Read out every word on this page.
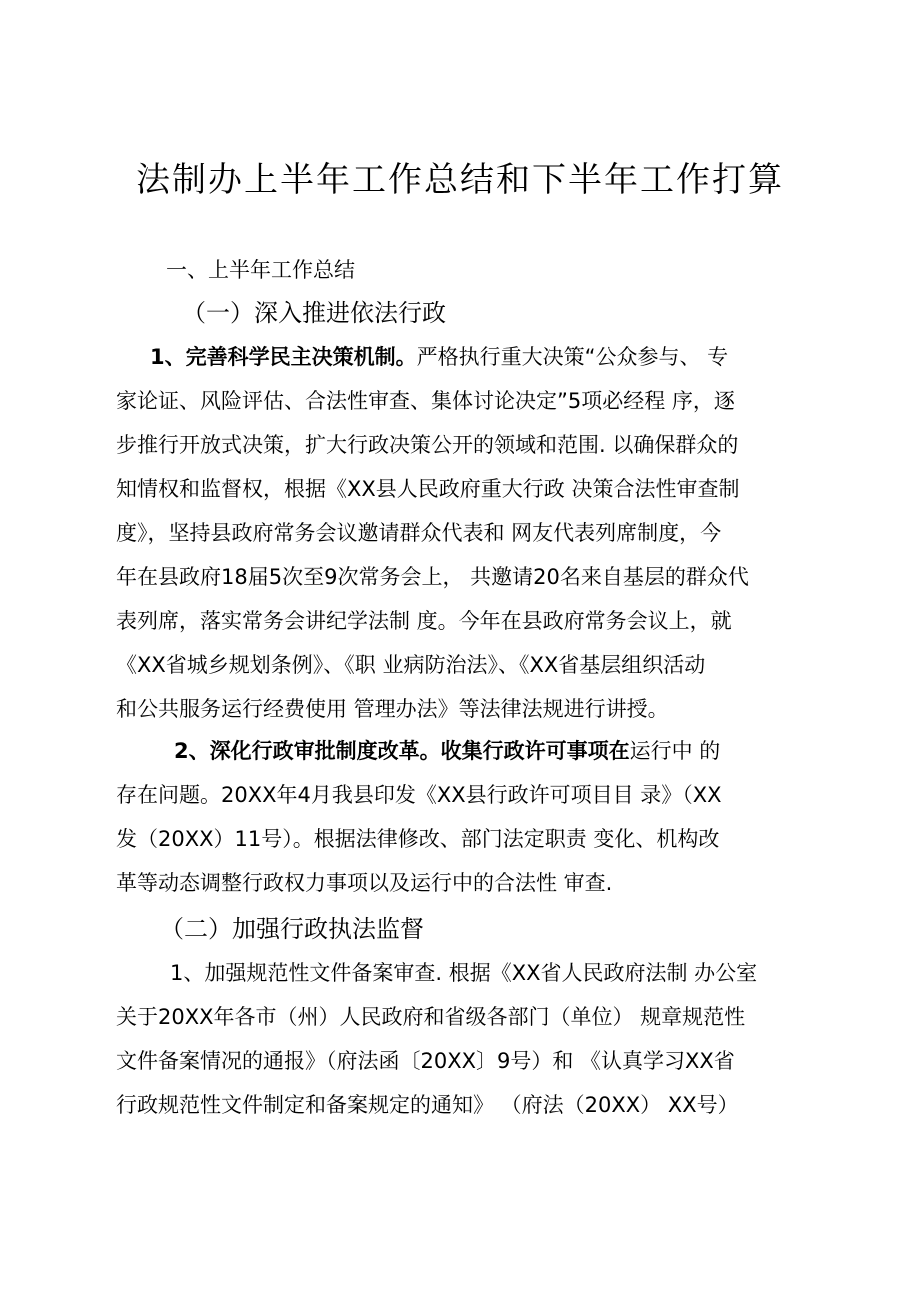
法制办上半年工作总结和下半年工作打算
一、上半年工作总结
（一）深入推进依法行政
1、完善科学民主决策机制。严格执行重大决策“公众参与、 专
家论证、风险评估、合法性审查、集体讨论决定”5项必经程 序，逐
步推行开放式决策，扩大行政决策公开的领域和范围. 以确保群众的
知情权和监督权，根据《XX县人民政府重大行政 决策合法性审查制
度》，坚持县政府常务会议邀请群众代表和 网友代表列席制度，今
年在县政府18届5次至9次常务会上， 共邀请20名来自基层的群众代
表列席，落实常务会讲纪学法制 度。今年在县政府常务会议上，就
《XX省城乡规划条例》、《职 业病防治法》、《XX省基层组织活动
和公共服务运行经费使用 管理办法》等法律法规进行讲授。
2、深化行政审批制度改革。收集行政许可事项在运行中 的
存在问题。20XX年4月我县印发《XX县行政许可项目目 录》（XX
发（20XX）11号）。根据法律修改、部门法定职责 变化、机构改
革等动态调整行政权力事项以及运行中的合法性 审查.
（二）加强行政执法监督
1、加强规范性文件备案审查. 根据《XX省人民政府法制 办公室
关于20XX年各市（州）人民政府和省级各部门（单位） 规章规范性
文件备案情况的通报》（府法函〔20XX〕9号）和 《认真学习XX省
行政规范性文件制定和备案规定的通知》 （府法（20XX） XX号）
